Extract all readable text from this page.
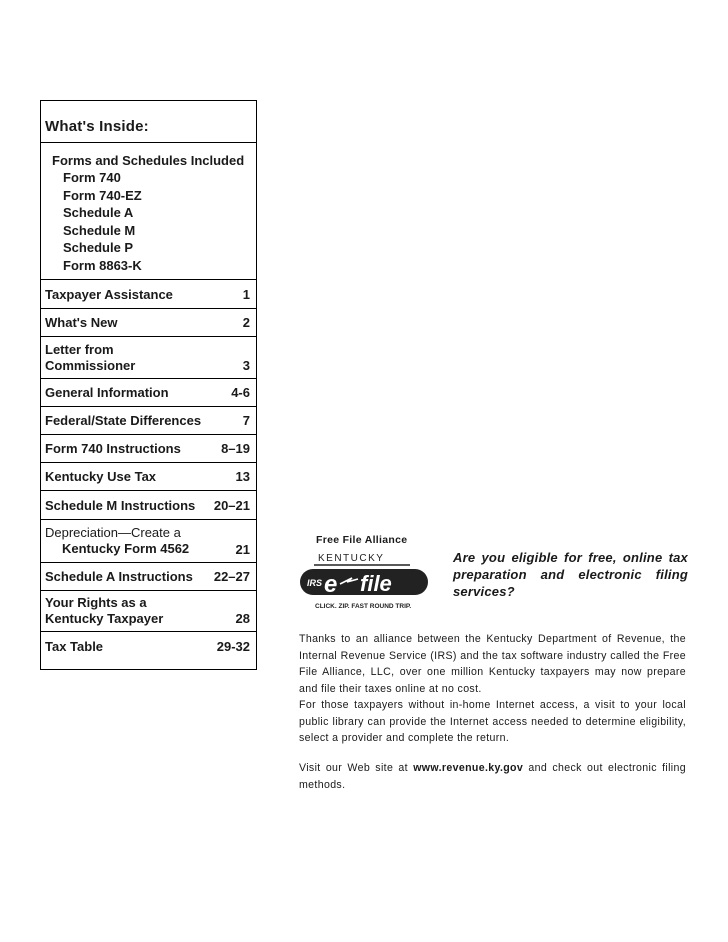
What's Inside:
Forms and Schedules Included
Form 740
Form 740-EZ
Schedule A
Schedule M
Schedule P
Form 8863-K
Taxpayer Assistance	1
What's New	2
Letter from
Commissioner	3
General Information	4-6
Federal/State Differences	7
Form 740 Instructions	8–19
Kentucky Use Tax	13
Schedule M Instructions 20–21
Depreciation—Create a
Kentucky Form 4562	21
Schedule A Instructions 22–27
Your Rights as a
Kentucky Taxpayer	28
Tax Table	29-32
Free File Alliance
KENTUCKY
IRS e file
CLICK. ZIP. FAST ROUND TRIP.
Are you eligible for free, online tax preparation and electronic filing services?
Thanks to an alliance between the Kentucky Department of Revenue, the Internal Revenue Service (IRS) and the tax software industry called the Free File Alliance, LLC, over one million Kentucky taxpayers may now prepare and file their taxes online at no cost.
For those taxpayers without in-home Internet access, a visit to your local public library can provide the Internet access needed to determine eligibility, select a provider and complete the return.
Visit our Web site at www.revenue.ky.gov and check out electronic filing methods.
